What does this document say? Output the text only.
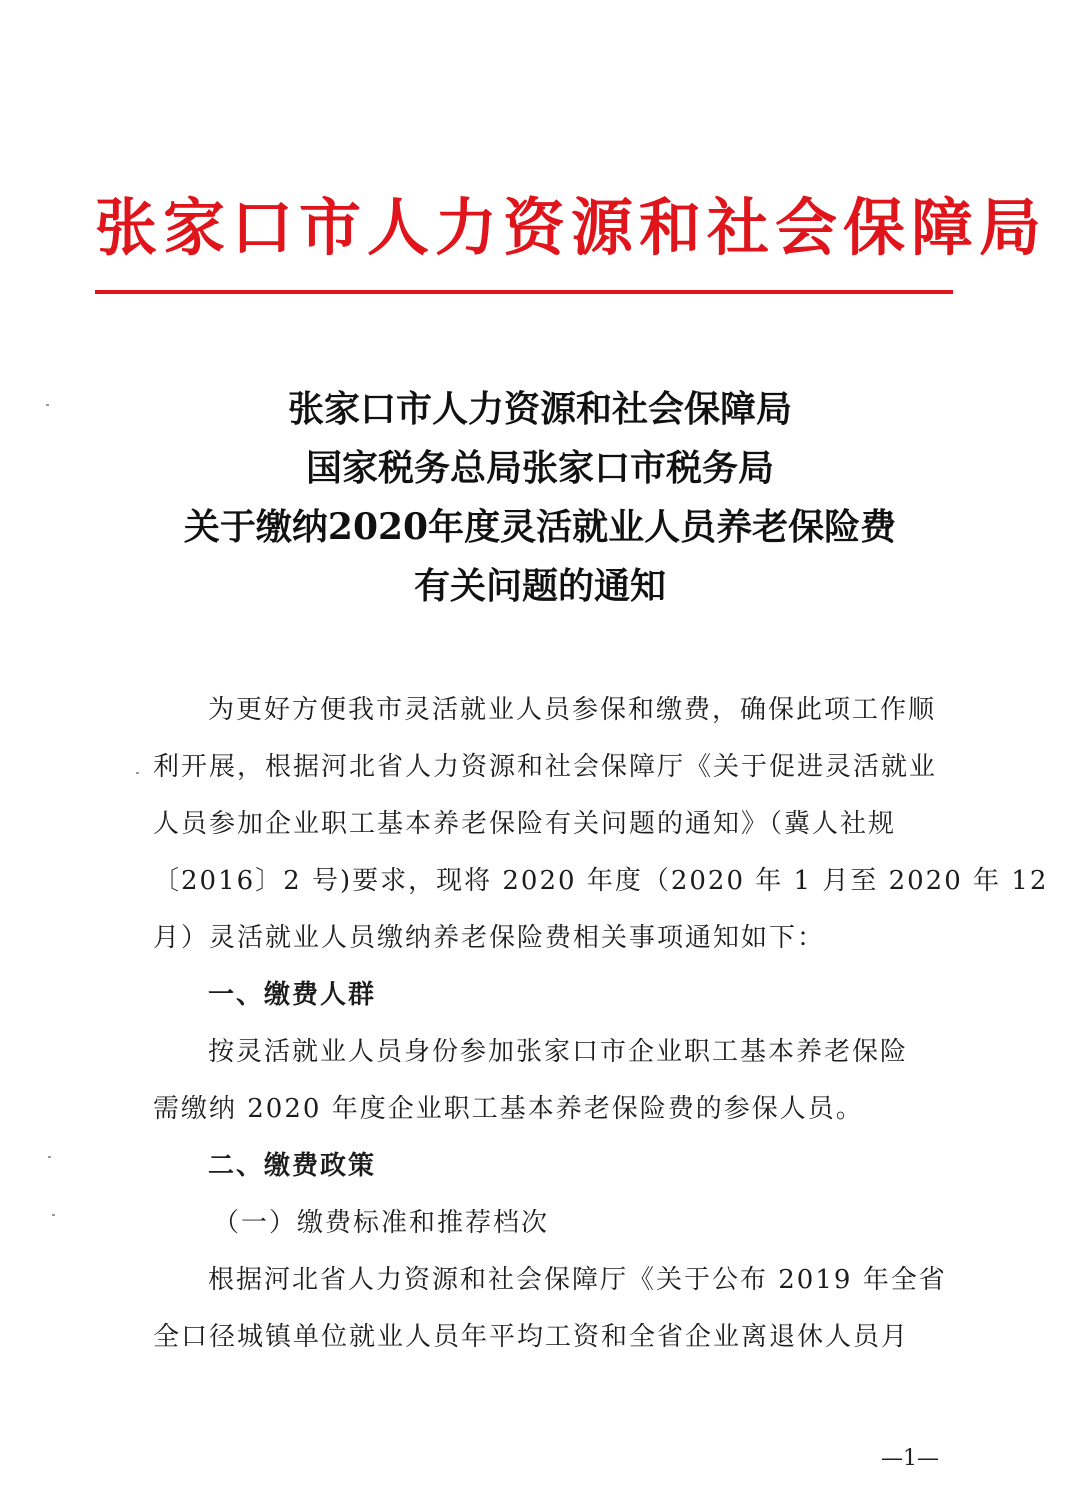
张家口市人力资源和社会保障局
张家口市人力资源和社会保障局
国家税务总局张家口市税务局
关于缴纳2020年度灵活就业人员养老保险费
有关问题的通知
为更好方便我市灵活就业人员参保和缴费，确保此项工作顺
利开展，根据河北省人力资源和社会保障厅《关于促进灵活就业
人员参加企业职工基本养老保险有关问题的通知》（冀人社规
〔2016〕2 号)要求，现将 2020 年度（2020 年 1 月至 2020 年 12
月）灵活就业人员缴纳养老保险费相关事项通知如下：
一、缴费人群
按灵活就业人员身份参加张家口市企业职工基本养老保险
需缴纳 2020 年度企业职工基本养老保险费的参保人员。
二、缴费政策
（一）缴费标准和推荐档次
根据河北省人力资源和社会保障厅《关于公布 2019 年全省
全口径城镇单位就业人员年平均工资和全省企业离退休人员月
—1—
